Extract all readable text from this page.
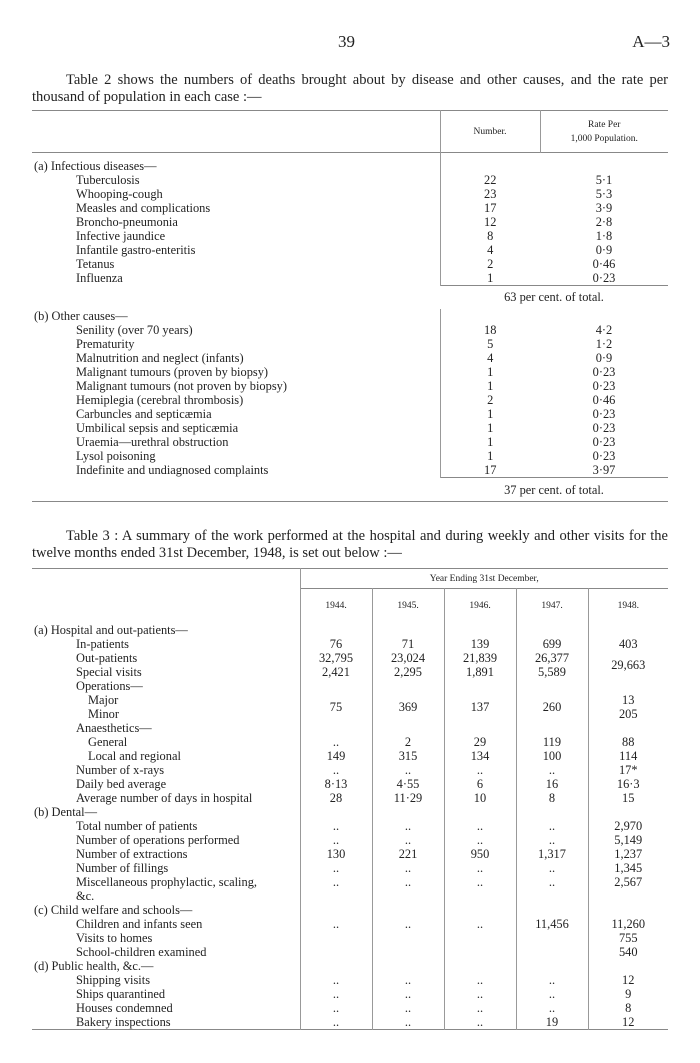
39	A—3
Table 2 shows the numbers of deaths brought about by disease and other causes, and the rate per thousand of population in each case :—
	Number.	Rate Per
1,000 Population.
(a) Infectious diseases—		
Tuberculosis	22	5·1
Whooping-cough	23	5·3
Measles and complications	17	3·9
Broncho-pneumonia	12	2·8
Infective jaundice	8	1·8
Infantile gastro-enteritis	4	0·9
Tetanus	2	0·46
Influenza	1	0·23
	63 per cent. of total.	
(b) Other causes—		
Senility (over 70 years)	18	4·2
Prematurity	5	1·2
Malnutrition and neglect (infants)	4	0·9
Malignant tumours (proven by biopsy)	1	0·23
Malignant tumours (not proven by biopsy)	1	0·23
Hemiplegia (cerebral thrombosis)	2	0·46
Carbuncles and septicæmia	1	0·23
Umbilical sepsis and septicæmia	1	0·23
Uraemia—urethral obstruction	1	0·23
Lysol poisoning	1	0·23
Indefinite and undiagnosed complaints	17	3·97
	37 per cent. of total.	

Table 3 : A summary of the work performed at the hospital and during weekly and other visits for the twelve months ended 31st December, 1948, is set out below :—
	Year Ending 31st December,				
	1944.	1945.	1946.	1947.	1948.
(a) Hospital and out-patients—					
In-patients	76	71	139	699	403
Out-patients	32,795	23,024	21,839	26,377	29,663
Special visits	2,421	2,295	1,891	5,589	
Operations—					
Major	75	369	137	260	13
Minor					205
Anaesthetics—					
General	..	2	29	119	88
Local and regional	149	315	134	100	114
Number of x-rays	..	..	..	..	17*
Daily bed average	8·13	4·55	6	16	16·3
Average number of days in hospital	28	11·29	10	8	15
(b) Dental—					
Total number of patients	..	..	..	..	2,970
Number of operations performed	..	..	..	..	5,149
Number of extractions	130	221	950	1,317	1,237
Number of fillings	..	..	..	..	1,345
Miscellaneous prophylactic, scaling,	..	..	..	..	2,567
&c.					
(c) Child welfare and schools—					
Children and infants seen	..	..	..	11,456	11,260
Visits to homes					755
School-children examined					540
(d) Public health, &c.—					
Shipping visits	..	..	..	..	12
Ships quarantined	..	..	..	..	9
Houses condemned	..	..	..	..	8
Bakery inspections	..	..	..	19	12
